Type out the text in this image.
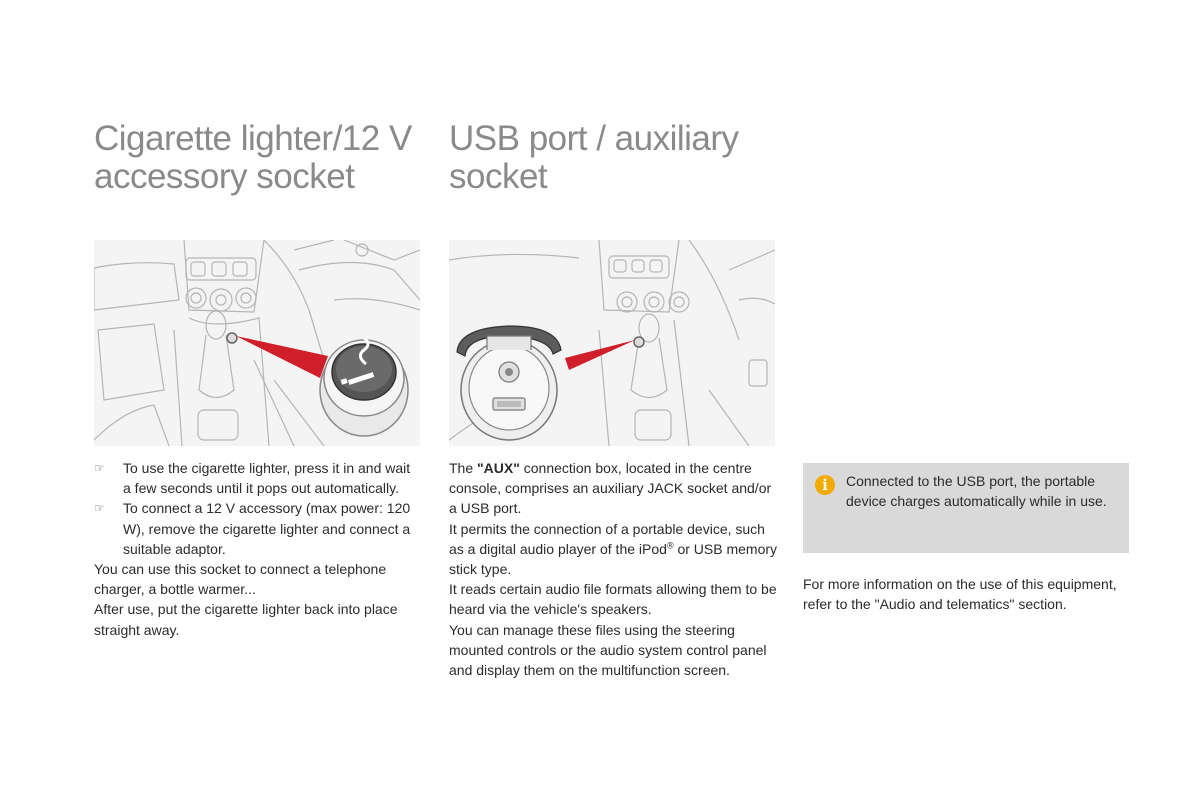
Cigarette lighter/12 V
accessory socket
USB port / auxiliary
socket
☞	To use the cigarette lighter, press it in and wait a few seconds until it pops out automatically.

☞	To connect a 12 V accessory (max power: 120 W), remove the cigarette lighter and connect a suitable adaptor.

You can use this socket to connect a telephone charger, a bottle warmer...

After use, put the cigarette lighter back into place straight away.

The "AUX" connection box, located in the centre console, comprises an auxiliary JACK socket and/or a USB port.

It permits the connection of a portable device, such as a digital audio player of the iPod® or USB memory stick type.

It reads certain audio file formats allowing them to be heard via the vehicle's speakers.

You can manage these files using the steering mounted controls or the audio system control panel and display them on the multifunction screen.

i	Connected to the USB port, the portable device charges automatically while in use.

For more information on the use of this equipment, refer to the "Audio and telematics" section.
